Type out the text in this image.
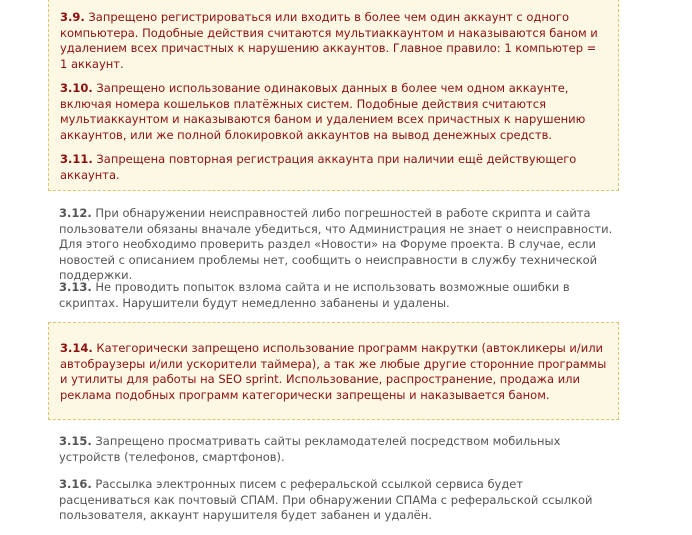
3.9. Запрещено регистрироваться или входить в более чем один аккаунт с одного компьютера. Подобные действия считаются мультиаккаунтом и наказываются баном и удалением всех причастных к нарушению аккаунтов. Главное правило: 1 компьютер = 1 аккаунт.

3.10. Запрещено использование одинаковых данных в более чем одном аккаунте, включая номера кошельков платёжных систем. Подобные действия считаются мультиаккаунтом и наказываются баном и удалением всех причастных к нарушению аккаунтов, или же полной блокировкой аккаунтов на вывод денежных средств.

3.11. Запрещена повторная регистрация аккаунта при наличии ещё действующего аккаунта.

3.12. При обнаружении неисправностей либо погрешностей в работе скрипта и сайта пользователи обязаны вначале убедиться, что Администрация не знает о неисправности. Для этого необходимо проверить раздел «Новости» на Форуме проекта. В случае, если новостей с описанием проблемы нет, сообщить о неисправности в службу технической поддержки.

3.13. Не проводить попыток взлома сайта и не использовать возможные ошибки в скриптах. Нарушители будут немедленно забанены и удалены.

3.14. Категорически запрещено использование программ накрутки (автокликеры и/или автобраузеры и/или ускорители таймера), а так же любые другие сторонние программы и утилиты для работы на SEO sprint. Использование, распространение, продажа или реклама подобных программ категорически запрещены и наказывается баном.

3.15. Запрещено просматривать сайты рекламодателей посредством мобильных устройств (телефонов, смартфонов).

3.16. Рассылка электронных писем с реферальской ссылкой сервиса будет расцениваться как почтовый СПАМ. При обнаружении СПАМа с реферальской ссылкой пользователя, аккаунт нарушителя будет забанен и удалён.
